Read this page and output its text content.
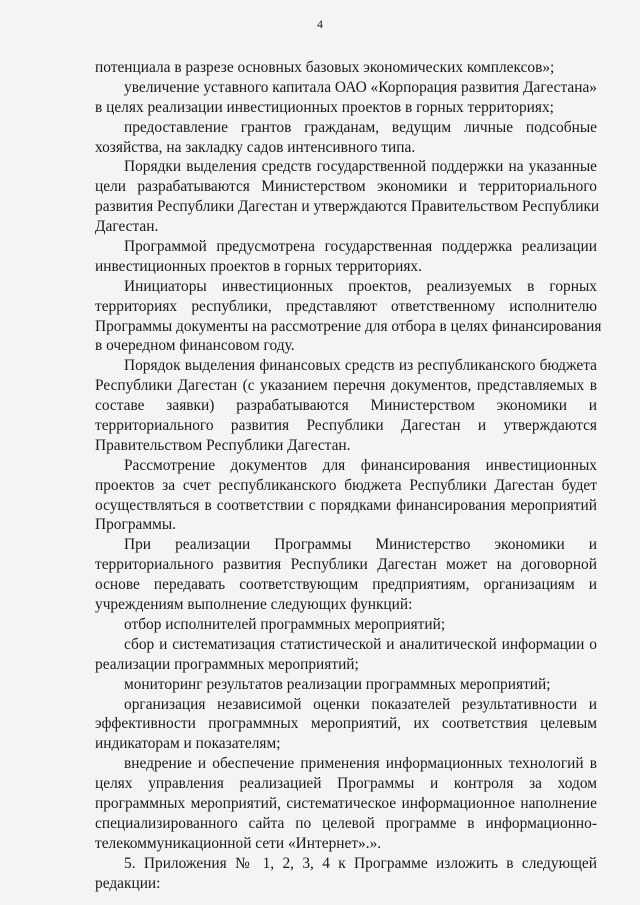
4
потенциала в разрезе основных базовых экономических комплексов»;
увеличение уставного капитала ОАО «Корпорация развития Дагестана»
в целях реализации инвестиционных проектов в горных территориях;
предоставление грантов гражданам, ведущим личные подсобные
хозяйства, на закладку садов интенсивного типа.
Порядки выделения средств государственной поддержки на указанные
цели разрабатываются Министерством экономики и территориального
развития Республики Дагестан и утверждаются Правительством Республики
Дагестан.
Программой предусмотрена государственная поддержка реализации
инвестиционных проектов в горных территориях.
Инициаторы инвестиционных проектов, реализуемых в горных
территориях республики, представляют ответственному исполнителю
Программы документы на рассмотрение для отбора в целях финансирования
в очередном финансовом году.
Порядок выделения финансовых средств из республиканского бюджета
Республики Дагестан (с указанием перечня документов, представляемых в
составе заявки) разрабатываются Министерством экономики и
территориального развития Республики Дагестан и утверждаются
Правительством Республики Дагестан.
Рассмотрение документов для финансирования инвестиционных
проектов за счет республиканского бюджета Республики Дагестан будет
осуществляться в соответствии с порядками финансирования мероприятий
Программы.
При реализации Программы Министерство экономики и
территориального развития Республики Дагестан может на договорной
основе передавать соответствующим предприятиям, организациям и
учреждениям выполнение следующих функций:
отбор исполнителей программных мероприятий;
сбор и систематизация статистической и аналитической информации о
реализации программных мероприятий;
мониторинг результатов реализации программных мероприятий;
организация независимой оценки показателей результативности и
эффективности программных мероприятий, их соответствия целевым
индикаторам и показателям;
внедрение и обеспечение применения информационных технологий в
целях управления реализацией Программы и контроля за ходом
программных мероприятий, систематическое информационное наполнение
специализированного сайта по целевой программе в информационно-
телекоммуникационной сети «Интернет».».
5. Приложения № 1, 2, 3, 4 к Программе изложить в следующей
редакции:
